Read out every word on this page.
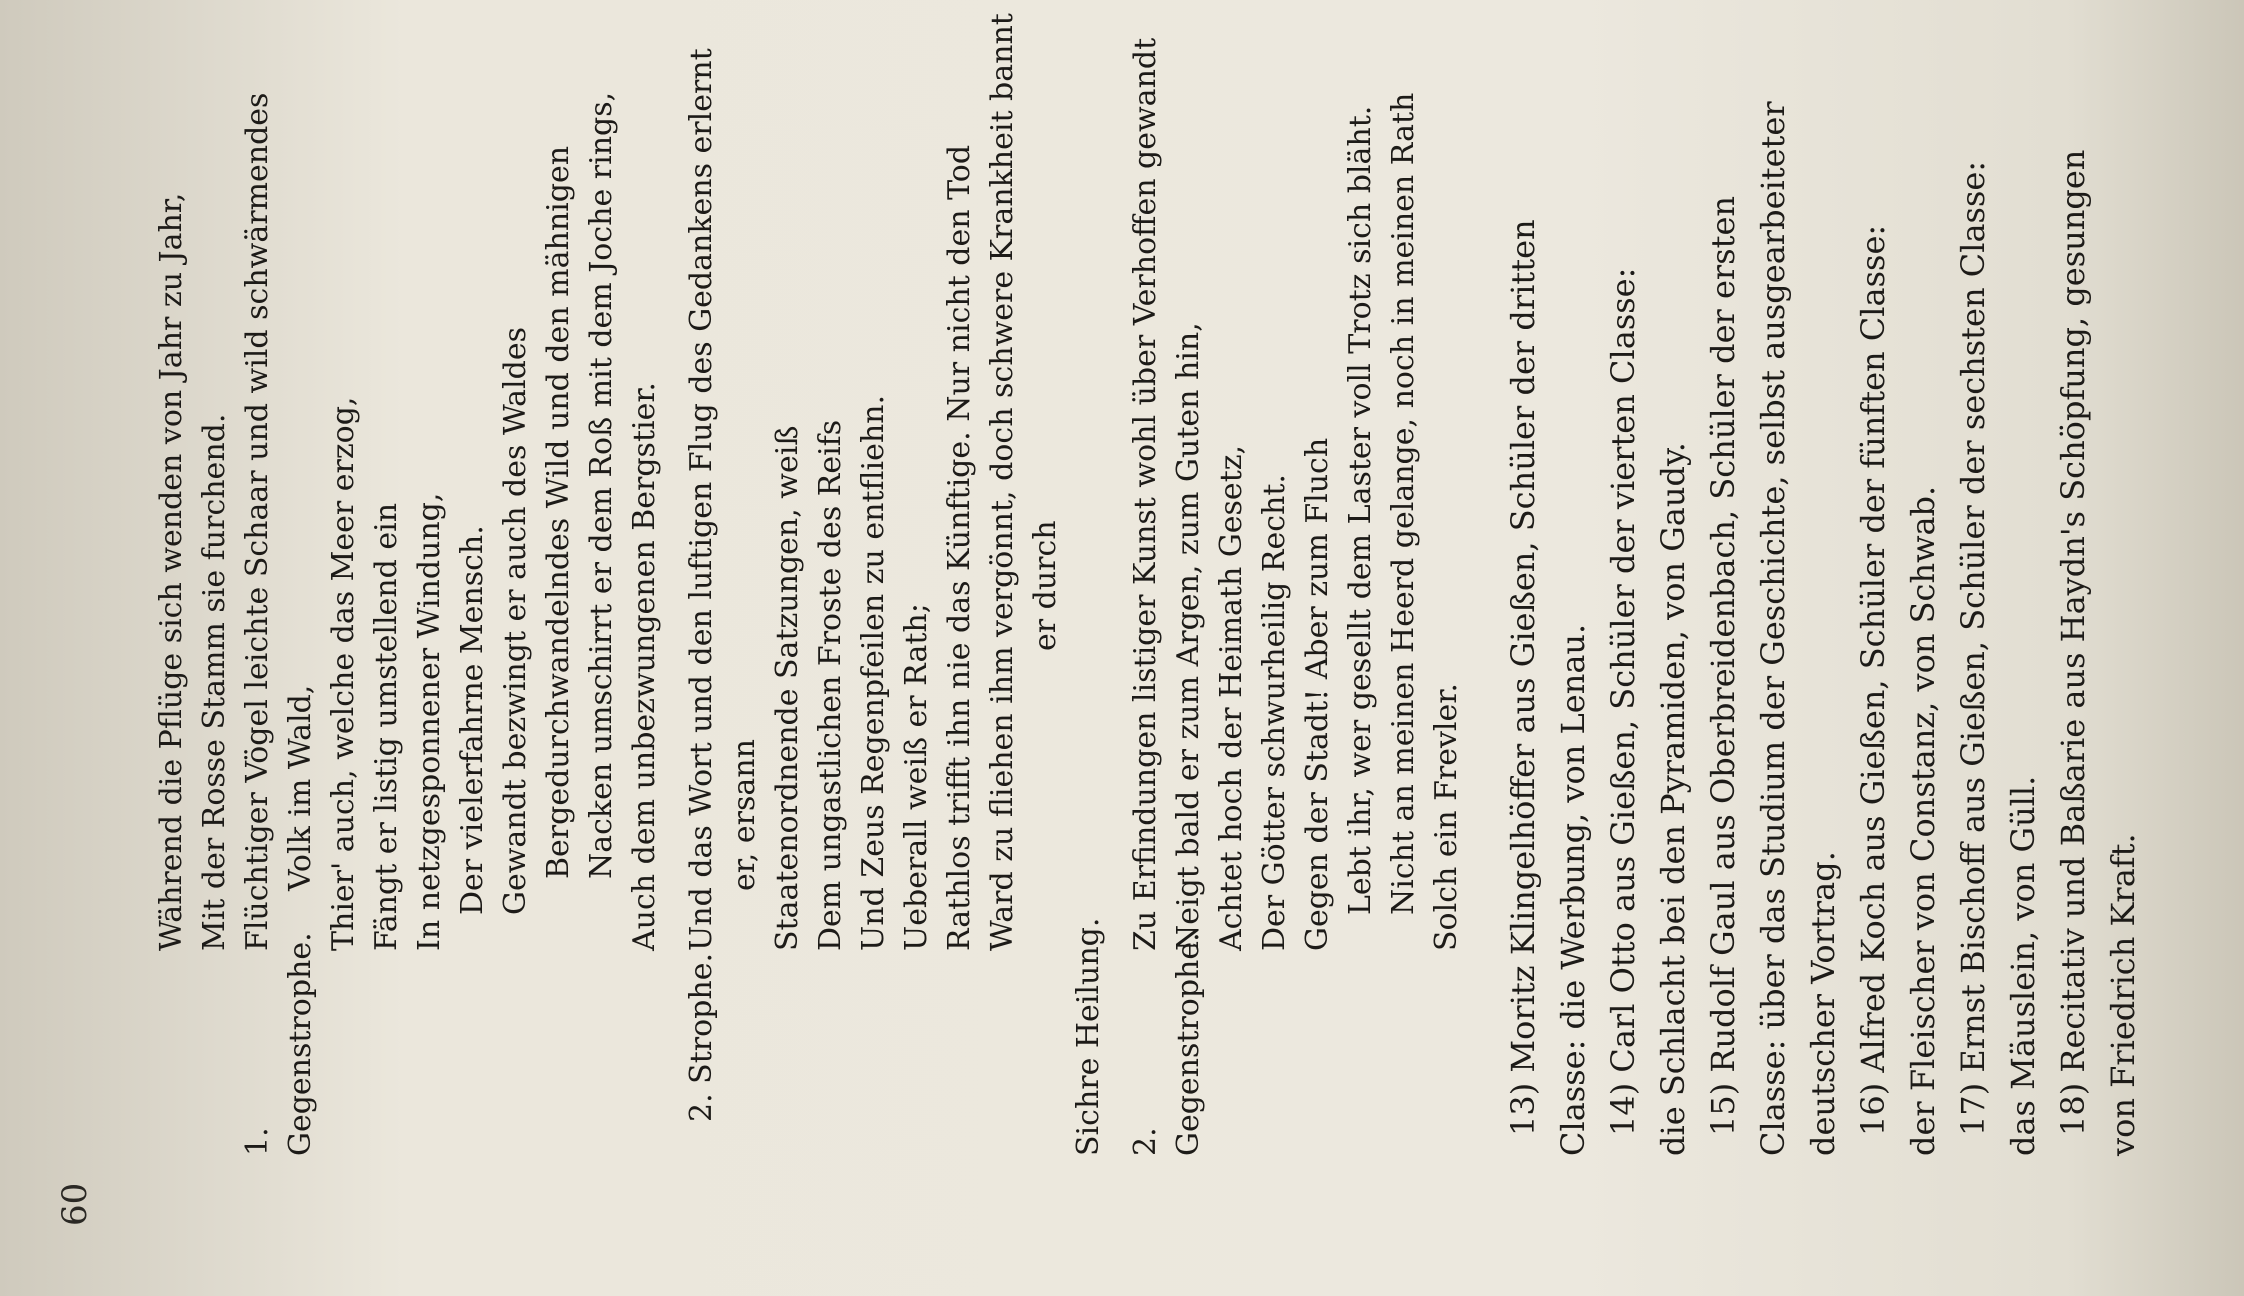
60
Während die Pflüge sich wenden von Jahr zu Jahr, Mit der Rosse Stamm sie furchend.
1. Gegenstrophe.
Flüchtiger Vögel leichte Schaar und wild schwärmendes Volk im Wald, Thier' auch, welche das Meer erzog, Fängt er listig umstellend ein In netzgesponnener Windung, Der vielerfahrne Mensch. Gewandt bezwingt er auch des Waldes Bergedurchwandelndes Wild und den mähnigen Nacken umschirrt er dem Roß mit dem Joche rings, Auch dem unbezwungenen Bergstier.
2. Strophe.
Und das Wort und den luftigen Flug des Gedankens erlernt er, ersann Staatenordnende Satzungen, weiß Dem ungastlichen Froste des Reifs Und Zeus Regenpfeilen zu entfliehn. Ueberall weiß er Rath; Rathlos trifft ihn nie das Künftige. Nur nicht den Tod Ward zu fliehen ihm vergönnt, doch schwere Krankheit bannt er durch
Sichre Heilung. 2. Gegenstrophe.
Zu Erfindungen listiger Kunst wohl über Verhoffen gewandt Neigt bald er zum Argen, zum Guten hin, Achtet hoch der Heimath Gesetz, Der Götter schwurheilig Recht. Gegen der Stadt! Aber zum Fluch Lebt ihr, wer gesellt dem Laster voll Trotz sich bläht. Nicht an meinen Heerd gelange, noch in meinen Rath Solch ein Frevler. 13) Moritz Klingelhöffer aus Gießen, Schüler der dritten Classe: die Werbung, von Lenau. 14) Carl Otto aus Gießen, Schüler der vierten Classe: die Schlacht bei den Pyramiden, von Gaudy. 15) Rudolf Gaul aus Oberbreidenbach, Schüler der ersten Classe: über das Studium der Geschichte, selbst ausgearbeiteter deutscher Vortrag. 16) Alfred Koch aus Gießen, Schüler der fünften Classe: der Fleischer von Constanz, von Schwab. 17) Ernst Bischoff aus Gießen, Schüler der sechsten Classe: das Mäuslein, von Güll. 18) Recitativ und Baßarie aus Haydn's Schöpfung, gesungen von Friedrich Kraft.
